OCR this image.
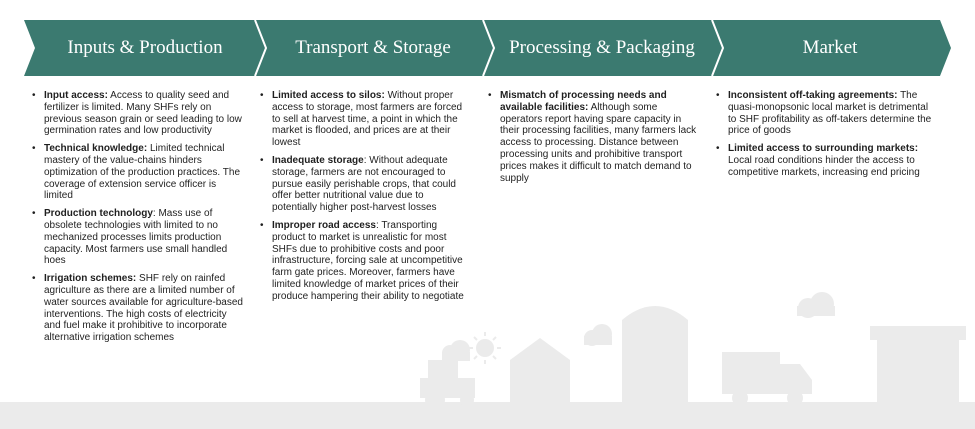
Inputs & Production	Transport & Storage	Processing & Packaging	Market
• Input access: Access to quality seed and fertilizer is limited. Many SHFs rely on previous season grain or seed leading to low germination rates and low productivity
• Technical knowledge: Limited technical mastery of the value-chains hinders optimization of the production practices. The coverage of extension service officer is limited
• Production technology: Mass use of obsolete technologies with limited to no mechanized processes limits production capacity. Most farmers use small handled hoes
• Irrigation schemes: SHF rely on rainfed agriculture as there are a limited number of water sources available for agriculture-based interventions. The high costs of electricity and fuel make it prohibitive to incorporate alternative irrigation schemes
• Limited access to silos: Without proper access to storage, most farmers are forced to sell at harvest time, a point in which the market is flooded, and prices are at their lowest
• Inadequate storage: Without adequate storage, farmers are not encouraged to pursue easily perishable crops, that could offer better nutritional value due to potentially higher post-harvest losses
• Improper road access: Transporting product to market is unrealistic for most SHFs due to prohibitive costs and poor infrastructure, forcing sale at uncompetitive farm gate prices. Moreover, farmers have limited knowledge of market prices of their produce hampering their ability to negotiate
• Mismatch of processing needs and available facilities: Although some operators report having spare capacity in their processing facilities, many farmers lack access to processing. Distance between processing units and prohibitive transport prices makes it difficult to match demand to supply
• Inconsistent off-taking agreements: The quasi-monopsonic local market is detrimental to SHF profitability as off-takers determine the price of goods
• Limited access to surrounding markets: Local road conditions hinder the access to competitive markets, increasing end pricing
